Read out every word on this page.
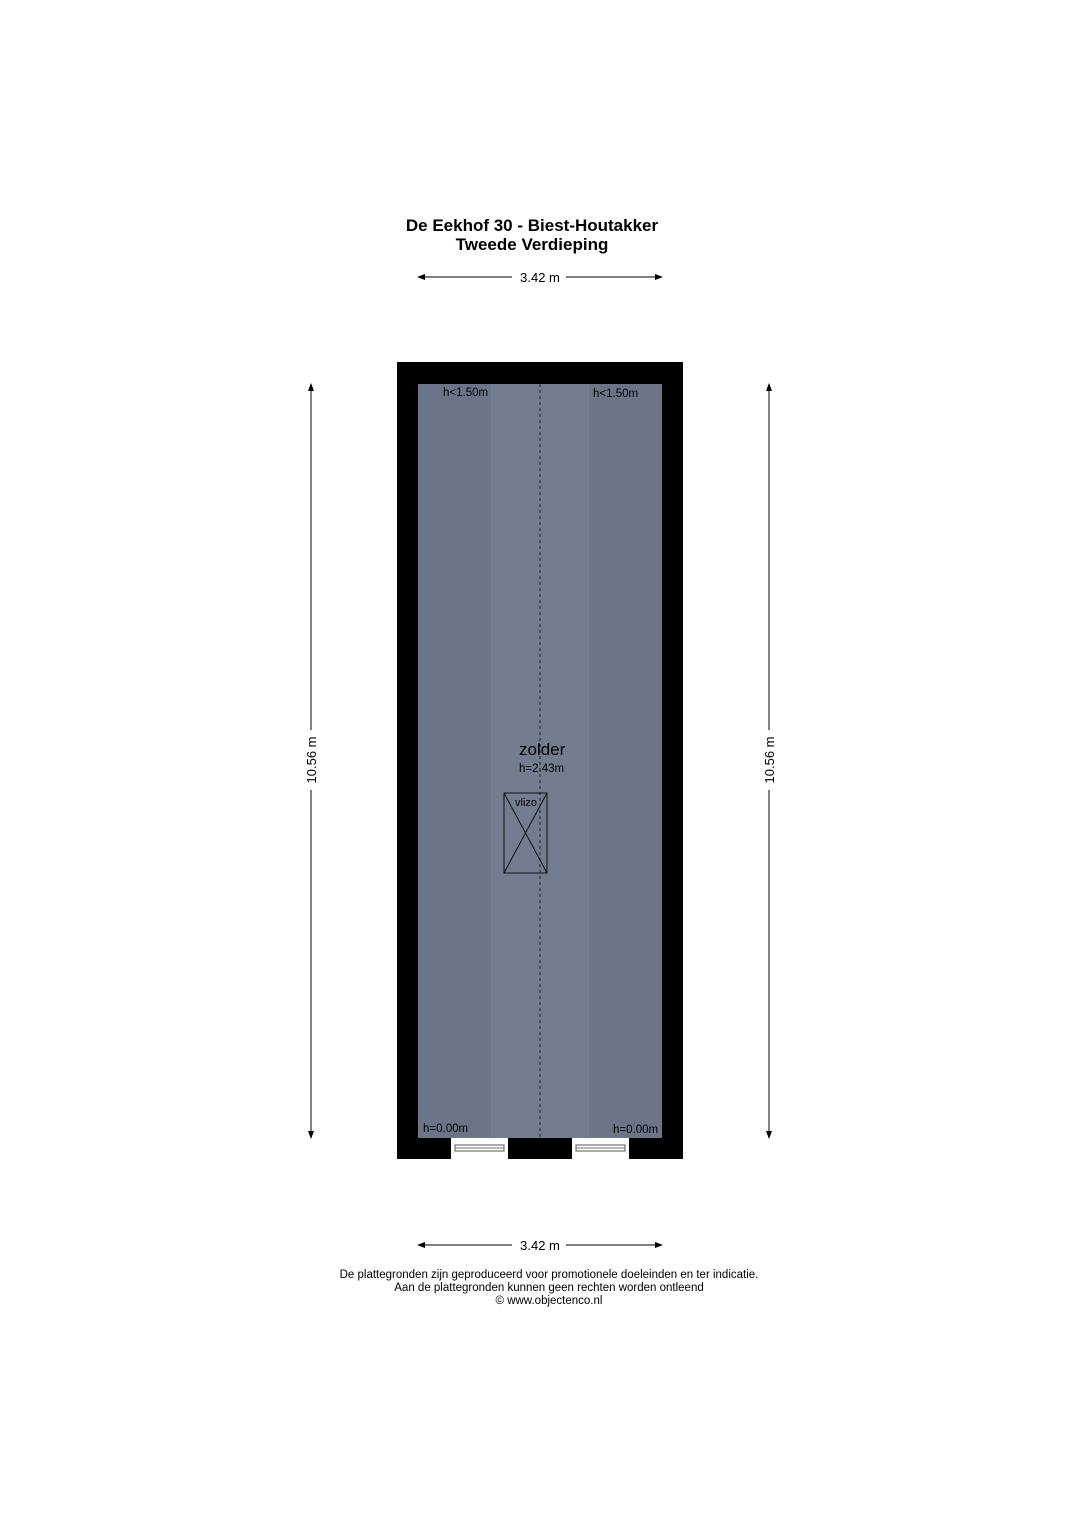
De Eekhof 30 - Biest-Houtakker
Tweede Verdieping
3.42 m
vlizo
zolder
h=2.43m
h<1.50m	h<1.50m
h=0.00m	h=0.00m
10.56 m	10.56 m
3.42 m
De plattegronden zijn geproduceerd voor promotionele doeleinden en ter indicatie.
Aan de plattegronden kunnen geen rechten worden ontleend
© www.objectenco.nl
